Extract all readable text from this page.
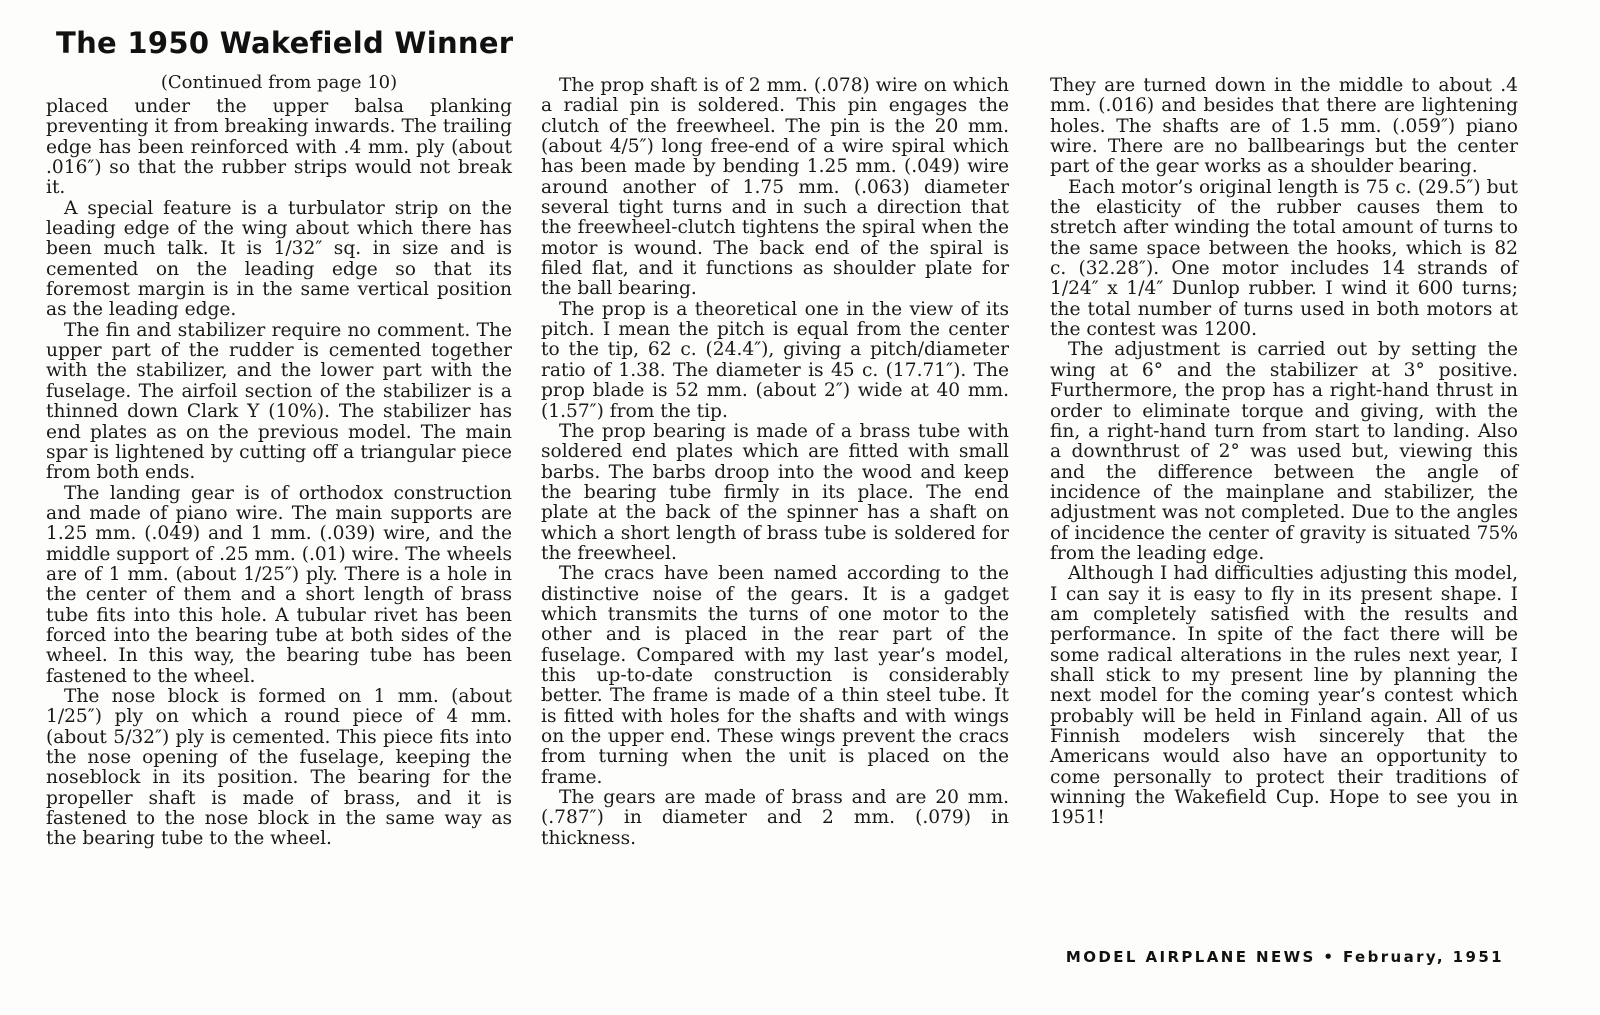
The 1950 Wakefield Winner

(Continued from page 10)

placed under the upper balsa planking preventing it from breaking inwards. The trailing edge has been reinforced with .4 mm. ply (about .016″) so that the rubber strips would not break it.

A special feature is a turbulator strip on the leading edge of the wing about which there has been much talk. It is 1/32″ sq. in size and is cemented on the leading edge so that its foremost margin is in the same vertical position as the leading edge.

The fin and stabilizer require no comment. The upper part of the rudder is cemented together with the stabilizer, and the lower part with the fuselage. The airfoil section of the stabilizer is a thinned down Clark Y (10%). The stabilizer has end plates as on the previous model. The main spar is lightened by cutting off a triangular piece from both ends.

The landing gear is of orthodox construction and made of piano wire. The main supports are 1.25 mm. (.049) and 1 mm. (.039) wire, and the middle support of .25 mm. (.01) wire. The wheels are of 1 mm. (about 1/25″) ply. There is a hole in the center of them and a short length of brass tube fits into this hole. A tubular rivet has been forced into the bearing tube at both sides of the wheel. In this way, the bearing tube has been fastened to the wheel.

The nose block is formed on 1 mm. (about 1/25″) ply on which a round piece of 4 mm. (about 5/32″) ply is cemented. This piece fits into the nose opening of the fuselage, keeping the noseblock in its position. The bearing for the propeller shaft is made of brass, and it is fastened to the nose block in the same way as the bearing tube to the wheel.

The prop shaft is of 2 mm. (.078) wire on which a radial pin is soldered. This pin engages the clutch of the freewheel. The pin is the 20 mm. (about 4/5″) long free-end of a wire spiral which has been made by bending 1.25 mm. (.049) wire around another of 1.75 mm. (.063) diameter several tight turns and in such a direction that the freewheel-clutch tightens the spiral when the motor is wound. The back end of the spiral is filed flat, and it functions as shoulder plate for the ball bearing.

The prop is a theoretical one in the view of its pitch. I mean the pitch is equal from the center to the tip, 62 c. (24.4″), giving a pitch/diameter ratio of 1.38. The diameter is 45 c. (17.71″). The prop blade is 52 mm. (about 2″) wide at 40 mm. (1.57″) from the tip.

The prop bearing is made of a brass tube with soldered end plates which are fitted with small barbs. The barbs droop into the wood and keep the bearing tube firmly in its place. The end plate at the back of the spinner has a shaft on which a short length of brass tube is soldered for the freewheel.

The cracs have been named according to the distinctive noise of the gears. It is a gadget which transmits the turns of one motor to the other and is placed in the rear part of the fuselage. Compared with my last year’s model, this up-to-date construction is considerably better. The frame is made of a thin steel tube. It is fitted with holes for the shafts and with wings on the upper end. These wings prevent the cracs from turning when the unit is placed on the frame.

The gears are made of brass and are 20 mm. (.787″) in diameter and 2 mm. (.079) in thickness.

They are turned down in the middle to about .4 mm. (.016) and besides that there are lightening holes. The shafts are of 1.5 mm. (.059″) piano wire. There are no ballbearings but the center part of the gear works as a shoulder bearing.

Each motor’s original length is 75 c. (29.5″) but the elasticity of the rubber causes them to stretch after winding the total amount of turns to the same space between the hooks, which is 82 c. (32.28″). One motor includes 14 strands of 1/24″ x 1/4″ Dunlop rubber. I wind it 600 turns; the total number of turns used in both motors at the contest was 1200.

The adjustment is carried out by setting the wing at 6° and the stabilizer at 3° positive. Furthermore, the prop has a right-hand thrust in order to eliminate torque and giving, with the fin, a right-hand turn from start to landing. Also a downthrust of 2° was used but, viewing this and the difference between the angle of incidence of the mainplane and stabilizer, the adjustment was not completed. Due to the angles of incidence the center of gravity is situated 75% from the leading edge.

Although I had difficulties adjusting this model, I can say it is easy to fly in its present shape. I am completely satisfied with the results and performance. In spite of the fact there will be some radical alterations in the rules next year, I shall stick to my present line by planning the next model for the coming year’s contest which probably will be held in Finland again. All of us Finnish modelers wish sincerely that the Americans would also have an opportunity to come personally to protect their traditions of winning the Wakefield Cup. Hope to see you in 1951!

MODEL AIRPLANE NEWS • February, 1951
